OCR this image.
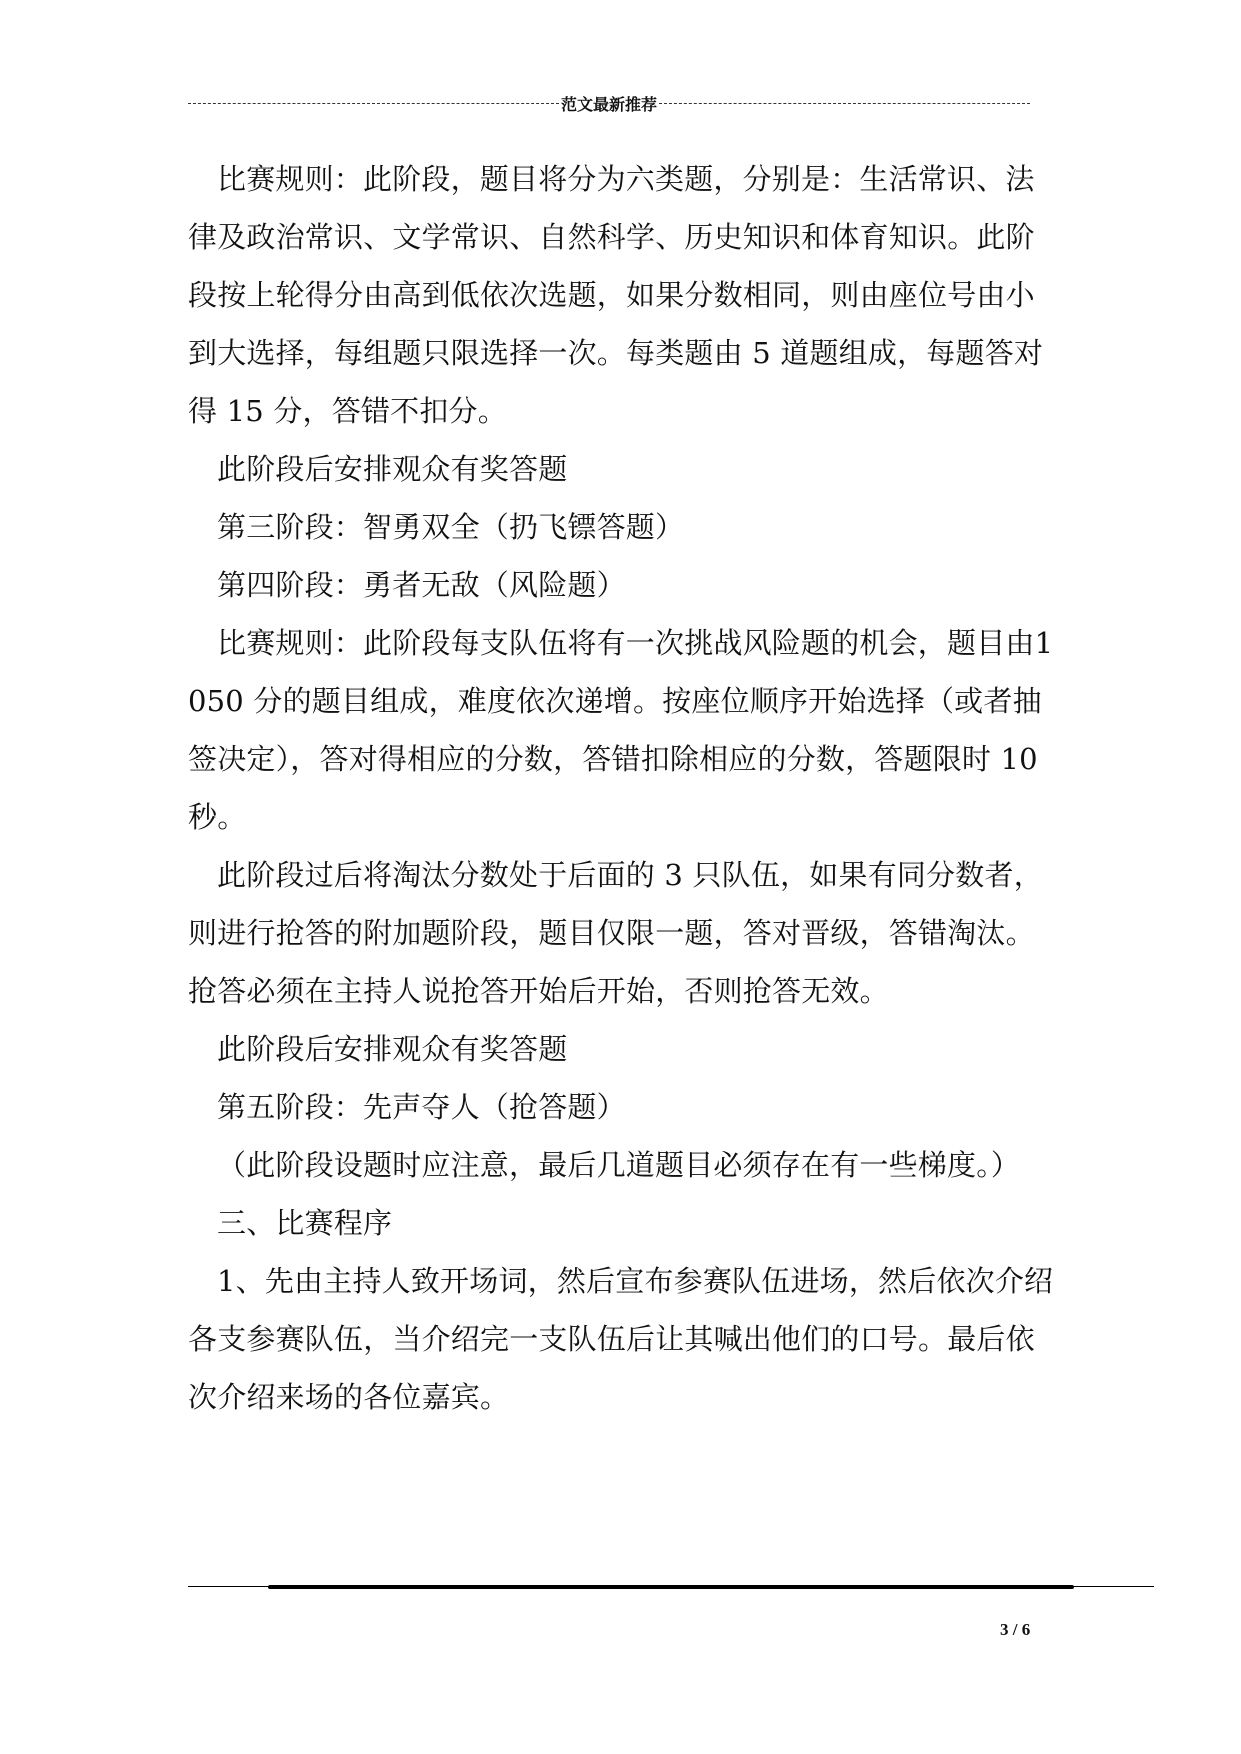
范文最新推荐

比赛规则：此阶段，题目将分为六类题，分别是：生活常识、法律及政治常识、文学常识、自然科学、历史知识和体育知识。此阶段按上轮得分由高到低依次选题，如果分数相同，则由座位号由小到大选择，每组题只限选择一次。每类题由 5 道题组成，每题答对得 15 分，答错不扣分。

此阶段后安排观众有奖答题

第三阶段：智勇双全（扔飞镖答题）

第四阶段：勇者无敌（风险题）

比赛规则：此阶段每支队伍将有一次挑战风险题的机会，题目由1050 分的题目组成，难度依次递增。按座位顺序开始选择（或者抽签决定），答对得相应的分数，答错扣除相应的分数，答题限时 10 秒。

此阶段过后将淘汰分数处于后面的 3 只队伍，如果有同分数者，则进行抢答的附加题阶段，题目仅限一题，答对晋级，答错淘汰。抢答必须在主持人说抢答开始后开始，否则抢答无效。

此阶段后安排观众有奖答题

第五阶段：先声夺人（抢答题）

（此阶段设题时应注意，最后几道题目必须存在有一些梯度。）

三、比赛程序

1、先由主持人致开场词，然后宣布参赛队伍进场，然后依次介绍各支参赛队伍，当介绍完一支队伍后让其喊出他们的口号。最后依次介绍来场的各位嘉宾。

3 / 6
